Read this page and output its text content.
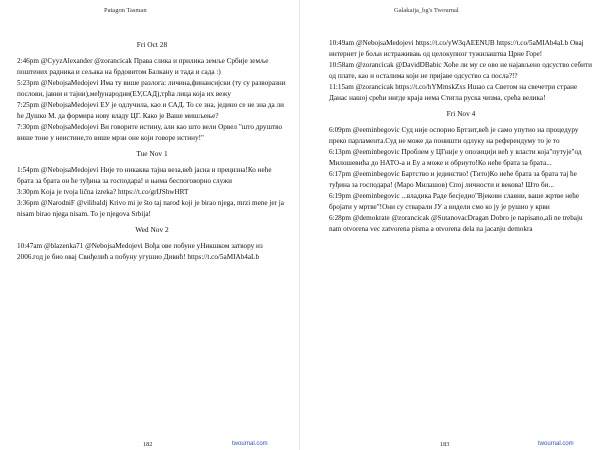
Patagon Tasman
Fri Oct 28
2:46pm @CyyzAlexander @zorancicak Права слика и прилика земље Србије земље поштених радника и сељака на брдовитом Балкану и тада и сада :)
5:23pm @NebojsaMedojevi Има ту више разлога: личина,финансијски (ту су разворазни послови, јавни и тајни),међународни(ЕУ,САД),трћа лица која их вежу
7:25pm @NebojsaMedojevi ЕУ je одлучила, као и САД. То се зна, једино се не зна да ли ће Душко М. да формира нову владу ЦГ. Како је Ваше мишљење?
7:30pm @NebojsaMedojevi Ви говорите истину, али као што вели Орвел "што друштво више тоне у неистине,то више мрзи оне који говоре истину!"
Tue Nov 1
1:54pm @NebojsaMedojevi Није то никаква тајна веза,већ јасна и прецизна!Ко нећe брата за брата он ће туђина за господара! и њима беспоговорно служи
3:30pm Koja je tvoja lična izreka? https://t.co/grIJShwHRT
3:36pm @NarodniF @vilibaldj Krivo mi je što taj narod koji je birao njega, mrzi mene jer ja nisam birao njega nisam. To je njegova Srbija!
Wed Nov 2
10:47am @blazenka71 @NebojsaMedojevi Вођа ове побуне уНикшком затвору из 2006.год је био овај Свиђелић а побуну угушио Дивић! https://t.co/5aMIAb4aLb
182	twournal.com
Galakaija_bg's Twournal
10:49am @NebojsaMedojevi https://t.co/yW3qAEENUB https://t.co/5aMIAb4aLb Овај интернет је бољи истраживањ од целокупног тужилаштва Црне Горе!
10:58am @zorancicak @DavidDBabic Хоће ли му се ово не најављено одсуство себити од плате, као и осталима који не пријаве одсуство са посла?!?
11:15am @zorancicak https://t.co/hYMmskZxs Ишао са Светом на свечетри стране Данас нашој срећи нигде краја нема Стигла руска чизма, срећа велика!
Fri Nov 4
6:09pm @eeminbegovic Суд није оспорио Бртзит,већ је само упутио на процедуру преко парламента.Суд не може да поништи одлуку на референдуму то је то
6:13pm @eeminbegovic Проблем у ЦГније у опозицији већ у власти која"путује"од Милошевића до НАТО-а и Еу а може и обрнуто!Ко неће брата за брата...
6:17pm @eeminbegovic Бартство и јединство! (Тито)Ко неће брата за брата тај ће туђина за господара! (Марo Милашов) Спој личности и векова! Што би...
6:19pm @eeminbegovic ...владика Раде бесједио"Вјекови славни, ваше жртве неће бројати у мртве"!Они су стварали ЈУ а видели смо ко ју је рушио у крви
6:28pm @demokrate @zorancicak @SutanovacDragan Dobro je napisano,ali ne trebaju nam otvorena vec zatvorena pisma a otvorena dela na jacanju demokra
183	twournal.com
